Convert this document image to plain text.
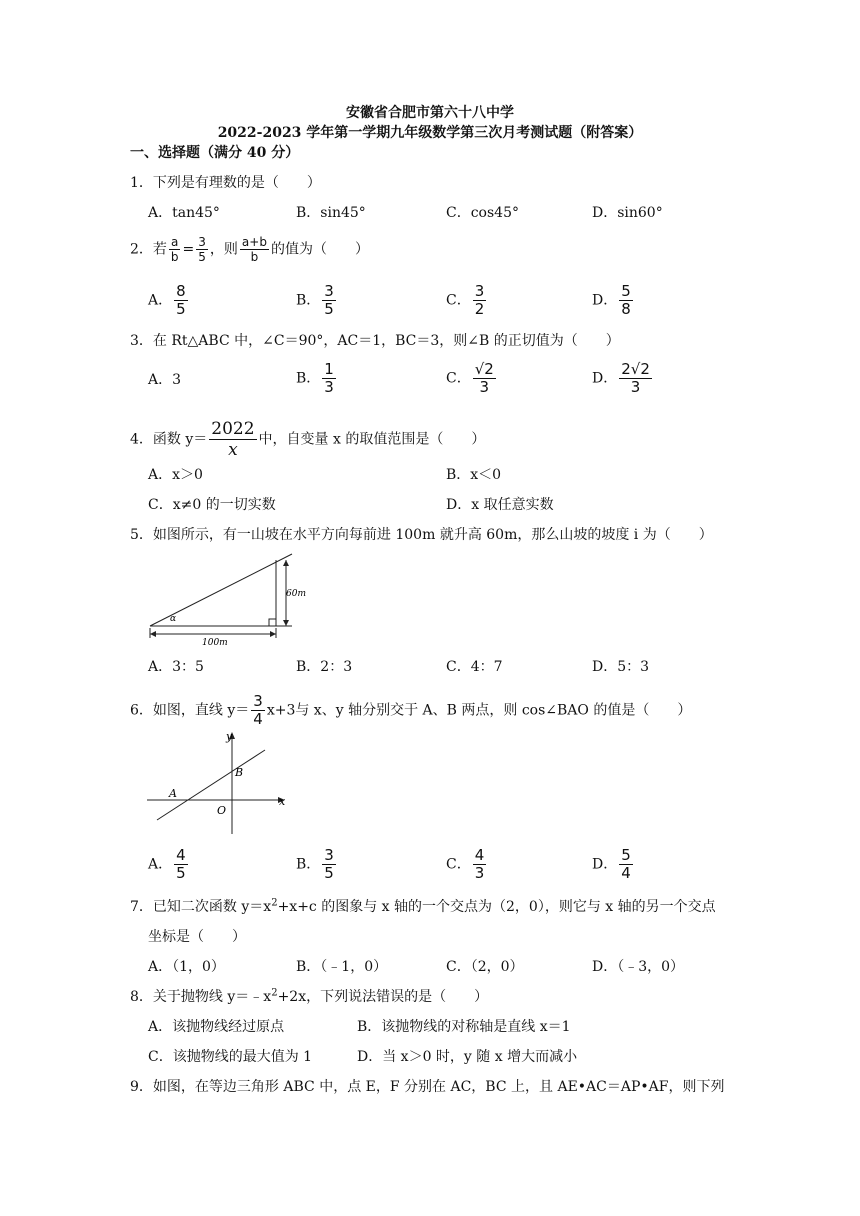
安徽省合肥市第六十八中学
2022-2023 学年第一学期九年级数学第三次月考测试题（附答案）
一、选择题（满分 40 分）
1．下列是有理数的是（　　）
A．tan45°	B．sin45°	C．cos45°	D．sin60°
2．若 $\frac{a}{b} = \frac{3}{5}$ ，则 $\frac{a+b}{b}$ 的值为（　　）
A． $\frac{8}{5}$	B． $\frac{3}{5}$	C． $\frac{3}{2}$	D． $\frac{5}{8}$
3．在 Rt△ABC 中，∠C＝90°，AC＝1，BC＝3，则∠B 的正切值为（　　）
A．3	B． $\frac{1}{3}$	C． $\frac{√2}{3}$	D． $\frac{2√2}{3}$
4．函数 $y= \frac{2022}{x}$ 中，自变量 x 的取值范围是（　　）
A．x＞0	B．x＜0
C．x≠0 的一切实数	D．x 取任意实数
5．如图所示，有一山坡在水平方向每前进 100m 就升高 60m，那么山坡的坡度 i 为（　　）
60m
100m
α
A．3：5	B．2：3	C．4：7	D．5：3
6．如图，直线 $y= \frac{3}{4} x+3$与 x、y 轴分别交于 A、B 两点，则 cos∠BAO 的值是（　　）
y
x
A
B
O
A． $\frac{4}{5}$	B． $\frac{3}{5}$	C． $\frac{4}{3}$	D． $\frac{5}{4}$
7．已知二次函数 $y=x^2+x+c$ 的图象与 x 轴的一个交点为（2，0），则它与 x 轴的另一个交点
坐标是（　　）
A．（1，0）	B．（﹣1，0）	C．（2，0）	D．（﹣3，0）
8．关于抛物线 $y=﹣x^2+2x$，下列说法错误的是（　　）
A．该抛物线经过原点	B．该抛物线的对称轴是直线 x＝1
C．该抛物线的最大值为 1	D．当 x＞0 时，y 随 x 增大而减小
9．如图，在等边三角形 ABC 中，点 E，F 分别在 AC，BC 上，且 AE•AC＝AP•AF，则下列
